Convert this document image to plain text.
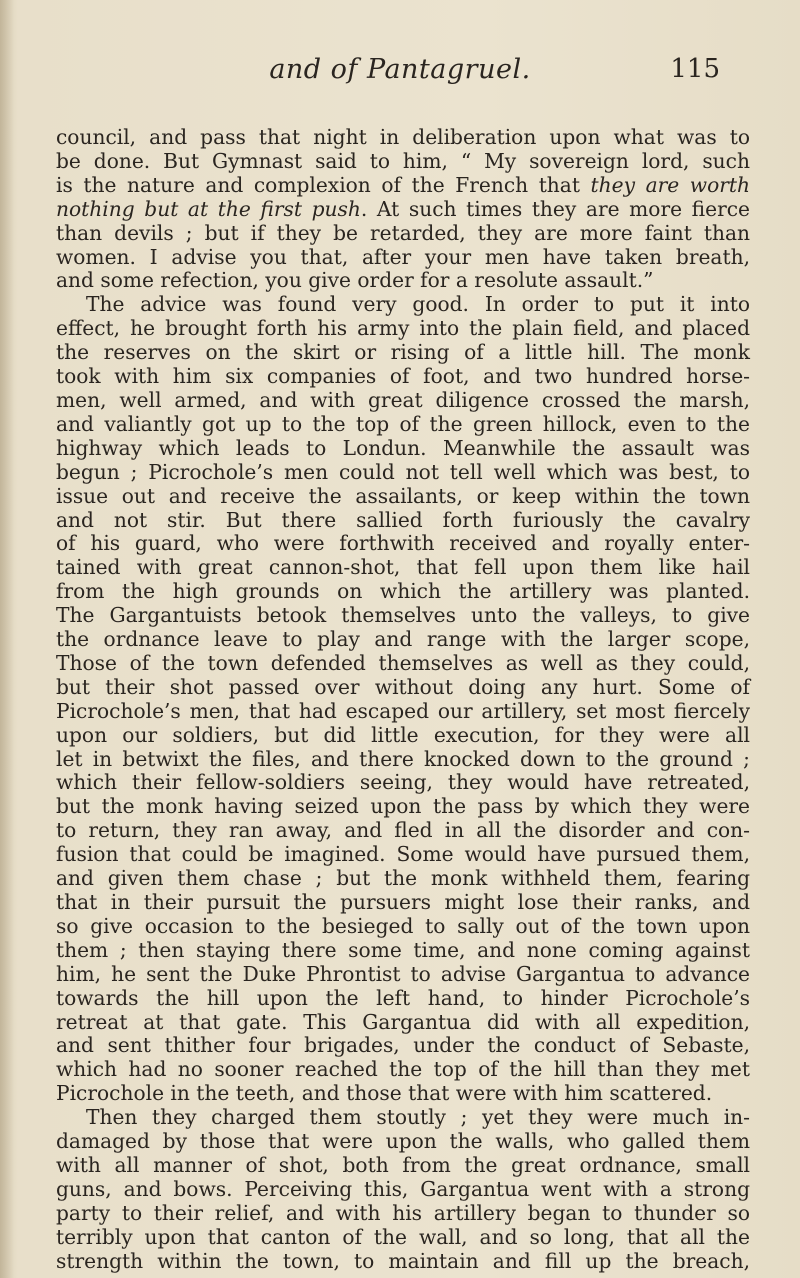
and of Pantagruel.	115

council, and pass that night in deliberation upon what was to

be done. But Gymnast said to him, “ My sovereign lord, such

is the nature and complexion of the French that they are worth

nothing but at the first push. At such times they are more fierce

than devils ; but if they be retarded, they are more faint than

women. I advise you that, after your men have taken breath,

and some refection, you give order for a resolute assault.”

The advice was found very good. In order to put it into

effect, he brought forth his army into the plain field, and placed

the reserves on the skirt or rising of a little hill. The monk

took with him six companies of foot, and two hundred horse-

men, well armed, and with great diligence crossed the marsh,

and valiantly got up to the top of the green hillock, even to the

highway which leads to Londun. Meanwhile the assault was

begun ; Picrochole’s men could not tell well which was best, to

issue out and receive the assailants, or keep within the town

and not stir. But there sallied forth furiously the cavalry

of his guard, who were forthwith received and royally enter-

tained with great cannon-shot, that fell upon them like hail

from the high grounds on which the artillery was planted.

The Gargantuists betook themselves unto the valleys, to give

the ordnance leave to play and range with the larger scope,

Those of the town defended themselves as well as they could,

but their shot passed over without doing any hurt. Some of

Picrochole’s men, that had escaped our artillery, set most fiercely

upon our soldiers, but did little execution, for they were all

let in betwixt the files, and there knocked down to the ground ;

which their fellow-soldiers seeing, they would have retreated,

but the monk having seized upon the pass by which they were

to return, they ran away, and fled in all the disorder and con-

fusion that could be imagined. Some would have pursued them,

and given them chase ; but the monk withheld them, fearing

that in their pursuit the pursuers might lose their ranks, and

so give occasion to the besieged to sally out of the town upon

them ; then staying there some time, and none coming against

him, he sent the Duke Phrontist to advise Gargantua to advance

towards the hill upon the left hand, to hinder Picrochole’s

retreat at that gate. This Gargantua did with all expedition,

and sent thither four brigades, under the conduct of Sebaste,

which had no sooner reached the top of the hill than they met

Picrochole in the teeth, and those that were with him scattered.

Then they charged them stoutly ; yet they were much in-

damaged by those that were upon the walls, who galled them

with all manner of shot, both from the great ordnance, small

guns, and bows. Perceiving this, Gargantua went with a strong

party to their relief, and with his artillery began to thunder so

terribly upon that canton of the wall, and so long, that all the

strength within the town, to maintain and fill up the breach,
